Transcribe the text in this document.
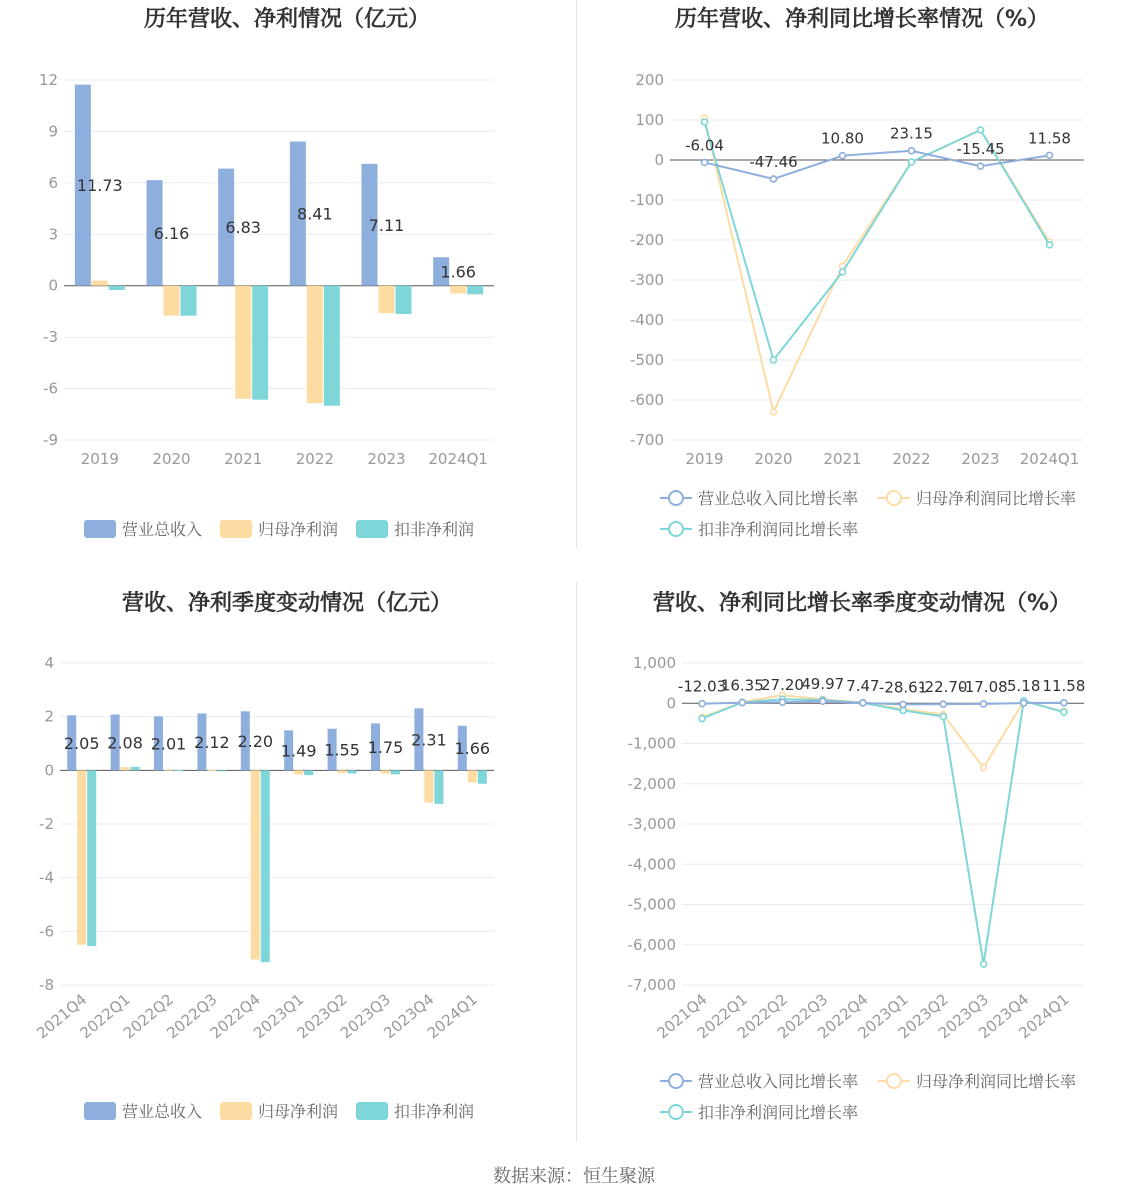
历年营收、净利情况（亿元）
12
9
6
3
0
-3
-6
-9
2019 2020 2021 2022 2023 2024Q1
11.73
6.16 6.83
8.41
7.11
1.66
营业总收入	归母净利润	扣非净利润
历年营收、净利同比增长率情况（%）
200
100
0
-100
-200
-300
-400
-500
-600
-700
2019 2020 2021 2022 2023 2024Q1
-6.04
-47.46
10.80 23.15
-15.45
11.58
营业总收入同比增长率	归母净利润同比增长率
扣非净利润同比增长率
营收、净利季度变动情况（亿元）
4
2
0
-2
-4
-6
-8
2021Q4
2022Q1
2022Q2
2022Q3
2022Q4
2023Q1
2023Q2
2023Q3
2023Q4
2024Q1
2.05 2.08 2.01 2.12 2.20
1.49 1.55 1.75 2.31 1.66
营业总收入	归母净利润	扣非净利润
营收、净利同比增长率季度变动情况（%）
1,000
0
-1,000
-2,000
-3,000
-4,000
-5,000
-6,000
-7,000
2021Q4
2022Q1
2022Q2
2022Q3
2022Q4
2023Q1
2023Q2
2023Q3
2023Q4
2024Q1
-12.03
16.35
27.20
49.97 7.47 -28.61
-22.70
-17.08 5.18 11.58
营业总收入同比增长率	归母净利润同比增长率
扣非净利润同比增长率
数据来源：恒生聚源
